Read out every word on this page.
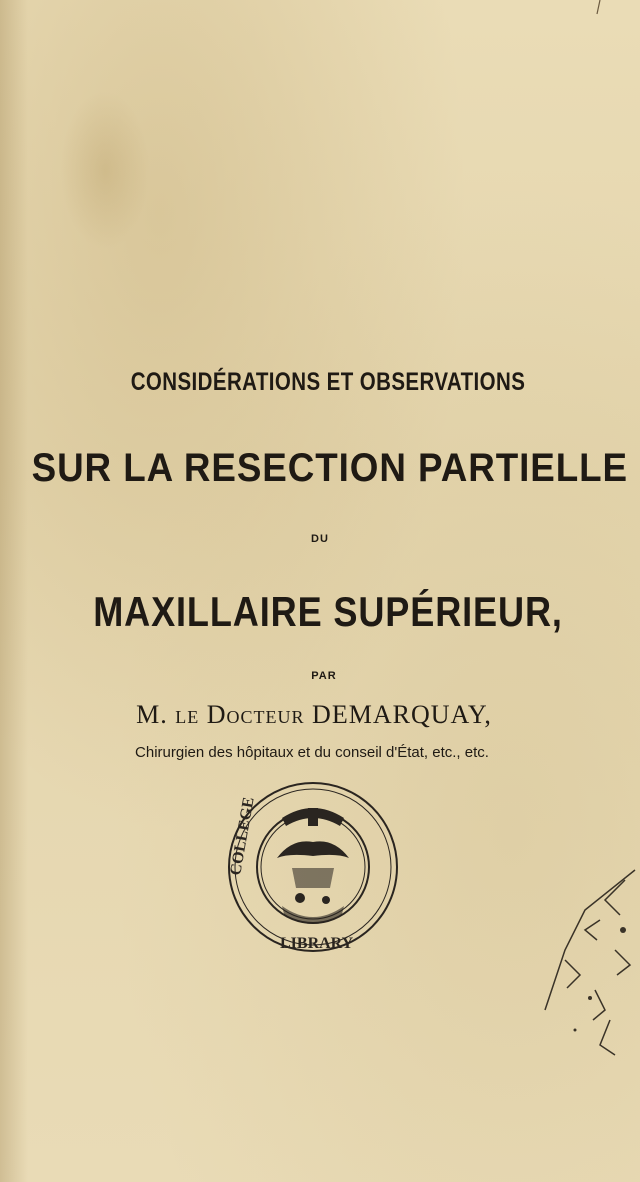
CONSIDÉRATIONS ET OBSERVATIONS
SUR LA RESECTION PARTIELLE
DU
MAXILLAIRE SUPÉRIEUR,
PAR
M. le Docteur DEMARQUAY,
Chirurgien des hôpitaux et du conseil d'État, etc., etc.
COLLEGE
LIBRARY
